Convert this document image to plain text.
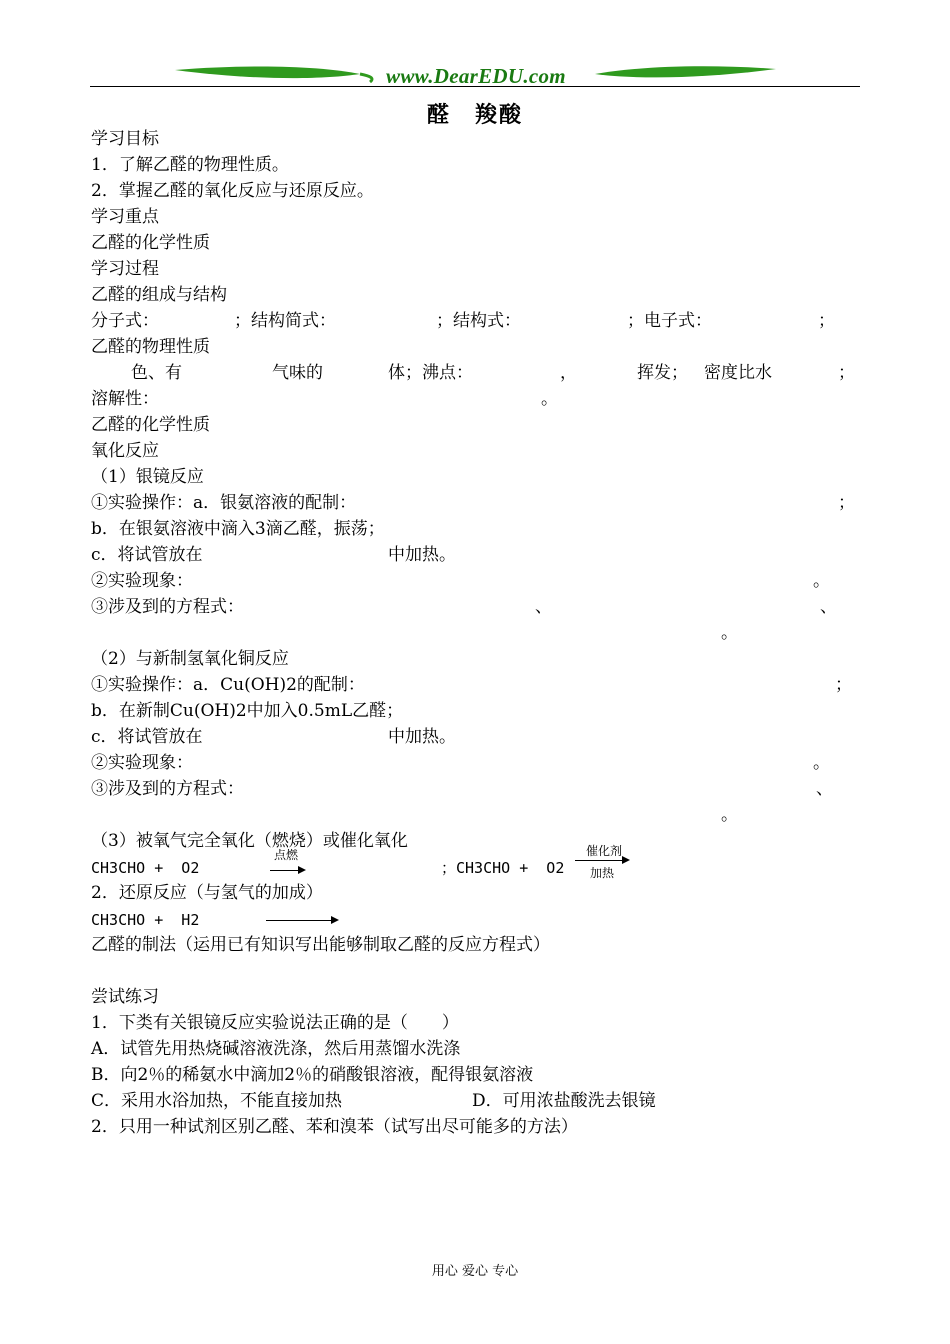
www.DearEDU.com
醛　羧酸
学习目标
1．了解乙醛的物理性质。
2．掌握乙醛的氧化反应与还原反应。
学习重点
乙醛的化学性质
学习过程
乙醛的组成与结构
分子式：	；结构简式：	；结构式：	；电子式：	；
乙醛的物理性质
色、有	气味的	体；沸点：	，	挥发； 密度比水	；
溶解性：	。
乙醛的化学性质
氧化反应
（1）银镜反应
①实验操作：a．银氨溶液的配制：	；
b．在银氨溶液中滴入3滴乙醛，振荡；
c．将试管放在	中加热。
②实验现象：	。
③涉及到的方程式：	、	、
。
（2）与新制氢氧化铜反应
①实验操作：a．Cu(OH)2的配制：	；
b．在新制Cu(OH)2中加入0.5mL乙醛；
c．将试管放在	中加热。
②实验现象：	。
③涉及到的方程式：	、
。
（3）被氧气完全氧化（燃烧）或催化氧化
CH3CHO +  O2
点燃
；CH3CHO +  O2
催化剂
加热
2．还原反应（与氢气的加成）
CH3CHO +  H2
乙醛的制法（运用已有知识写出能够制取乙醛的反应方程式）
尝试练习
1．下类有关银镜反应实验说法正确的是（　　）
A．试管先用热烧碱溶液洗涤，然后用蒸馏水洗涤
B．向2％的稀氨水中滴加2％的硝酸银溶液，配得银氨溶液
C．采用水浴加热，不能直接加热	D．可用浓盐酸洗去银镜
2．只用一种试剂区别乙醛、苯和溴苯（试写出尽可能多的方法）
用心 爱心 专心
